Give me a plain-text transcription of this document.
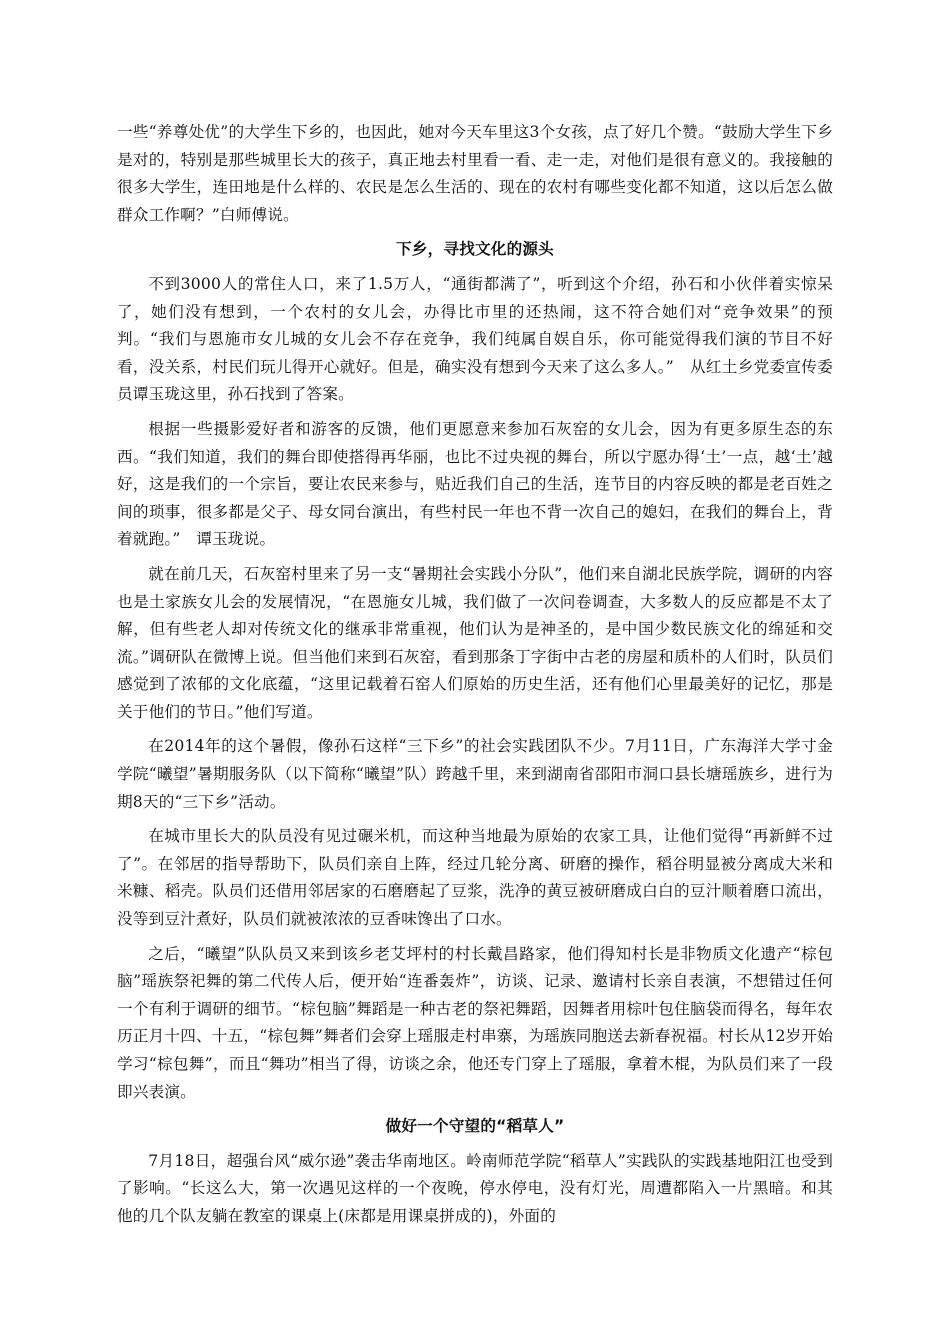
一些“养尊处优”的大学生下乡的，也因此，她对今天车里这3个女孩，点了好几个赞。“鼓励大学生下乡是对的，特别是那些城里长大的孩子，真正地去村里看一看、走一走，对他们是很有意义的。我接触的很多大学生，连田地是什么样的、农民是怎么生活的、现在的农村有哪些变化都不知道，这以后怎么做群众工作啊？”白师傅说。

下乡，寻找文化的源头

不到3000人的常住人口，来了1.5万人，“通街都满了”，听到这个介绍，孙石和小伙伴着实惊呆了，她们没有想到，一个农村的女儿会，办得比市里的还热闹，这不符合她们对“竞争效果”的预判。“我们与恩施市女儿城的女儿会不存在竞争，我们纯属自娱自乐，你可能觉得我们演的节目不好看，没关系，村民们玩儿得开心就好。但是，确实没有想到今天来了这么多人。”　从红土乡党委宣传委员谭玉珑这里，孙石找到了答案。

根据一些摄影爱好者和游客的反馈，他们更愿意来参加石灰窑的女儿会，因为有更多原生态的东西。“我们知道，我们的舞台即使搭得再华丽，也比不过央视的舞台，所以宁愿办得‘土’一点，越‘土’越好，这是我们的一个宗旨，要让农民来参与，贴近我们自己的生活，连节目的内容反映的都是老百姓之间的琐事，很多都是父子、母女同台演出，有些村民一年也不背一次自己的媳妇，在我们的舞台上，背着就跑。”　谭玉珑说。

就在前几天，石灰窑村里来了另一支“暑期社会实践小分队”，他们来自湖北民族学院，调研的内容也是土家族女儿会的发展情况，“在恩施女儿城，我们做了一次问卷调查，大多数人的反应都是不太了解，但有些老人却对传统文化的继承非常重视，他们认为是神圣的，是中国少数民族文化的绵延和交流。”调研队在微博上说。但当他们来到石灰窑，看到那条丁字街中古老的房屋和质朴的人们时，队员们感觉到了浓郁的文化底蕴，“这里记载着石窑人们原始的历史生活，还有他们心里最美好的记忆，那是关于他们的节日。”他们写道。

在2014年的这个暑假，像孙石这样“三下乡”的社会实践团队不少。7月11日，广东海洋大学寸金学院“曦望”暑期服务队（以下简称“曦望”队）跨越千里，来到湖南省邵阳市洞口县长塘瑶族乡，进行为期8天的“三下乡”活动。

在城市里长大的队员没有见过碾米机，而这种当地最为原始的农家工具，让他们觉得“再新鲜不过了”。在邻居的指导帮助下，队员们亲自上阵，经过几轮分离、研磨的操作，稻谷明显被分离成大米和米糠、稻壳。队员们还借用邻居家的石磨磨起了豆浆，洗净的黄豆被研磨成白白的豆汁顺着磨口流出，没等到豆汁煮好，队员们就被浓浓的豆香味馋出了口水。

之后，“曦望”队队员又来到该乡老艾坪村的村长戴昌路家，他们得知村长是非物质文化遗产“棕包脑”瑶族祭祀舞的第二代传人后，便开始“连番轰炸”，访谈、记录、邀请村长亲自表演，不想错过任何一个有利于调研的细节。“棕包脑”舞蹈是一种古老的祭祀舞蹈，因舞者用棕叶包住脑袋而得名，每年农历正月十四、十五，“棕包舞”舞者们会穿上瑶服走村串寨，为瑶族同胞送去新春祝福。村长从12岁开始学习“棕包舞”，而且“舞功”相当了得，访谈之余，他还专门穿上了瑶服，拿着木棍，为队员们来了一段即兴表演。

做好一个守望的“稻草人”

7月18日，超强台风“威尔逊”袭击华南地区。岭南师范学院“稻草人”实践队的实践基地阳江也受到了影响。“长这么大，第一次遇见这样的一个夜晚，停水停电，没有灯光，周遭都陷入一片黑暗。和其他的几个队友躺在教室的课桌上(床都是用课桌拼成的)，外面的
